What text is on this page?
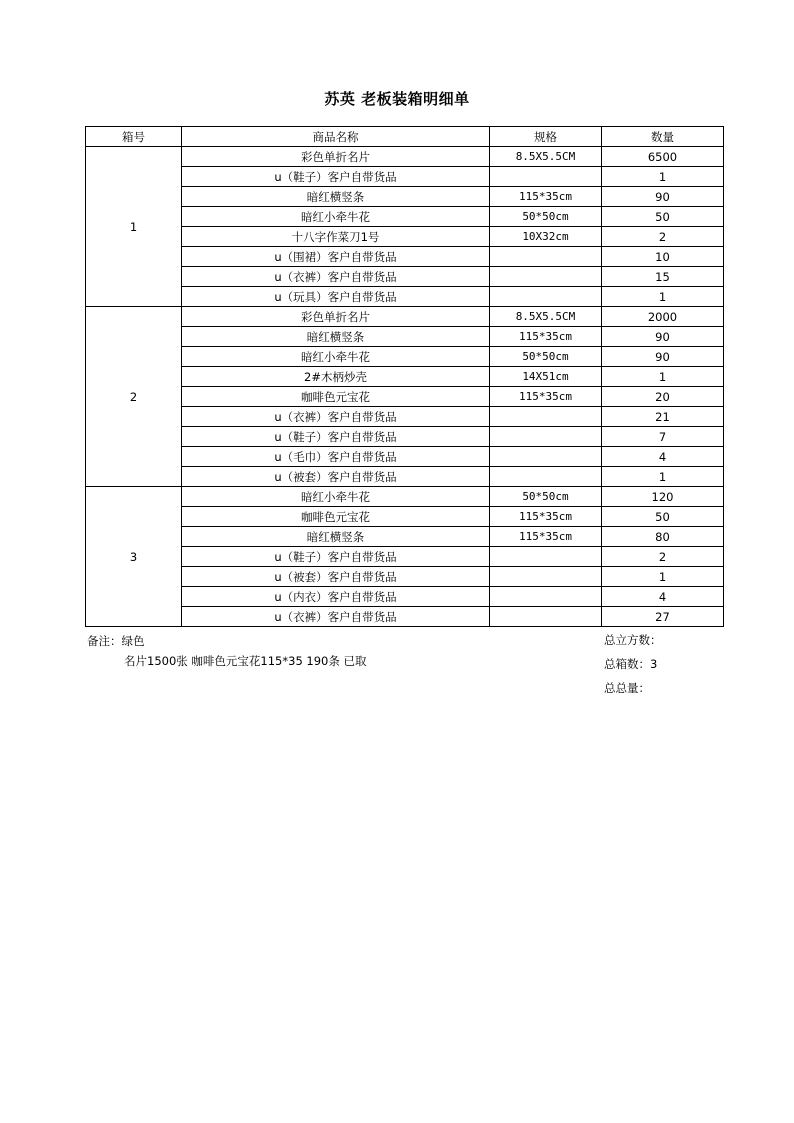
苏英 老板装箱明细单
箱号	商品名称	规格	数量
1	彩色单折名片	8.5X5.5CM	6500
	u（鞋子）客户自带货品		1
	暗红横竖条	115*35cm	90
	暗红小牵牛花	50*50cm	50
	十八字作菜刀1号	10X32cm	2
	u（围裙）客户自带货品		10
	u（衣裤）客户自带货品		15
	u（玩具）客户自带货品		1
2	彩色单折名片	8.5X5.5CM	2000
	暗红横竖条	115*35cm	90
	暗红小牵牛花	50*50cm	90
	2#木柄炒壳	14X51cm	1
	咖啡色元宝花	115*35cm	20
	u（衣裤）客户自带货品		21
	u（鞋子）客户自带货品		7
	u（毛巾）客户自带货品		4
	u（被套）客户自带货品		1
3	暗红小牵牛花	50*50cm	120
	咖啡色元宝花	115*35cm	50
	暗红横竖条	115*35cm	80
	u（鞋子）客户自带货品		2
	u（被套）客户自带货品		1
	u（内衣）客户自带货品		4
	u（衣裤）客户自带货品		27
备注：绿色
名片1500张 咖啡色元宝花115*35 190条 已取
总立方数：
总箱数：3
总总量：
